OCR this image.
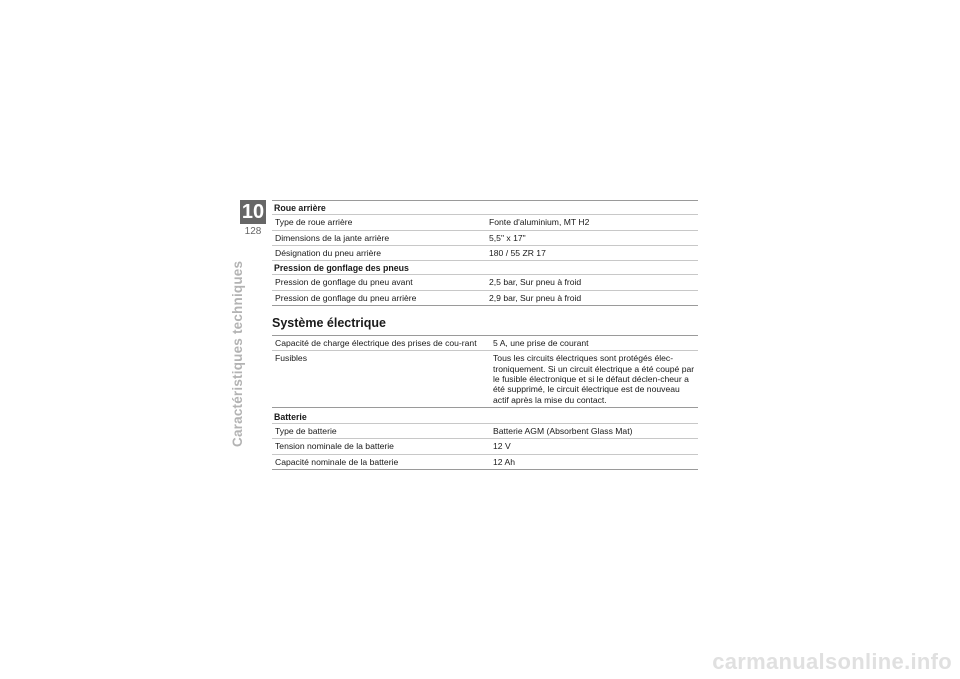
10
128
Caractéristiques techniques
Roue arrière	
Type de roue arrière	Fonte d'aluminium, MT H2
Dimensions de la jante arrière	5,5" x 17"
Désignation du pneu arrière	180 / 55 ZR 17
Pression de gonflage des pneus	
Pression de gonflage du pneu avant	2,5 bar, Sur pneu à froid
Pression de gonflage du pneu arrière	2,9 bar, Sur pneu à froid
Système électrique
Capacité de charge électrique des prises de cou-rant	5 A, une prise de courant
Fusibles	Tous les circuits électriques sont protégés élec-troniquement. Si un circuit électrique a été coupé par le fusible électronique et si le défaut déclen-cheur a été supprimé, le circuit électrique est de nouveau actif après la mise du contact.
Batterie	
Type de batterie	Batterie AGM (Absorbent Glass Mat)
Tension nominale de la batterie	12 V
Capacité nominale de la batterie	12 Ah
carmanualsonline.info
